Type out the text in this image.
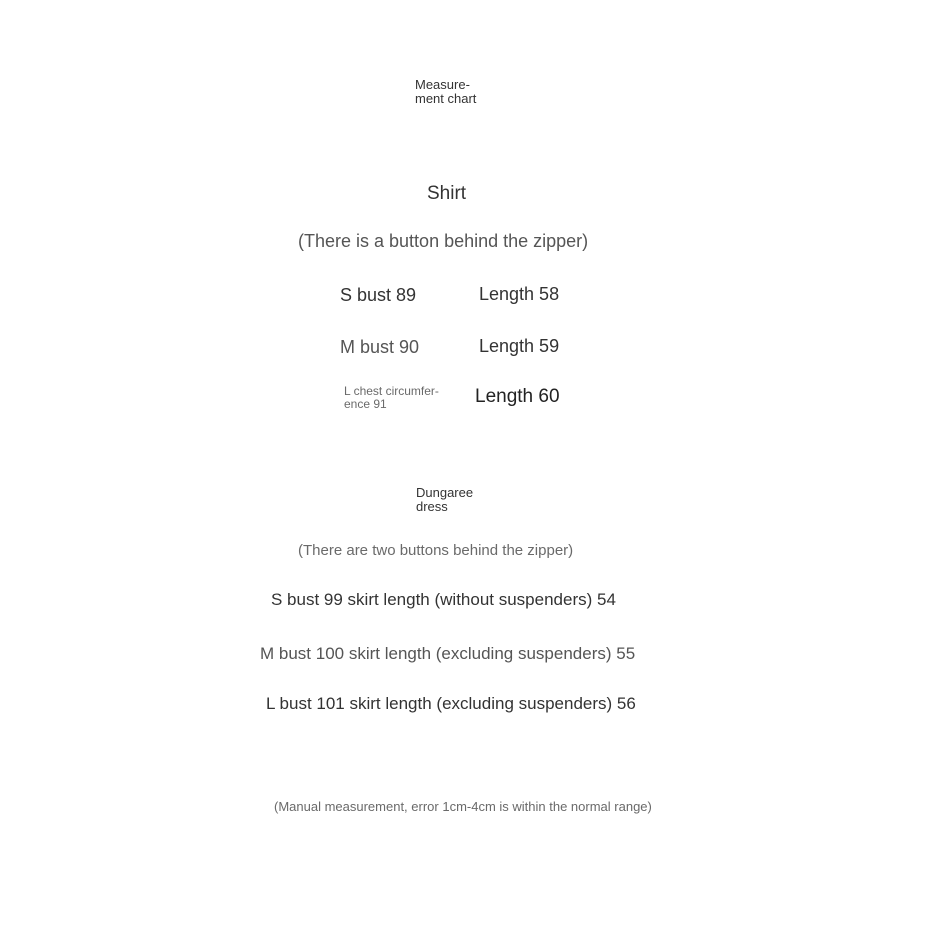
Measure-
ment chart
Shirt
(There is a button behind the zipper)
S bust 89	Length 58
M bust 90	Length 59
L chest circumfer-
ence 91	Length 60
Dungaree
dress
(There are two buttons behind the zipper)
S bust 99 skirt length (without suspenders) 54
M bust 100 skirt length (excluding suspenders) 55
L bust 101 skirt length (excluding suspenders) 56
(Manual measurement, error 1cm-4cm is within the normal range)
